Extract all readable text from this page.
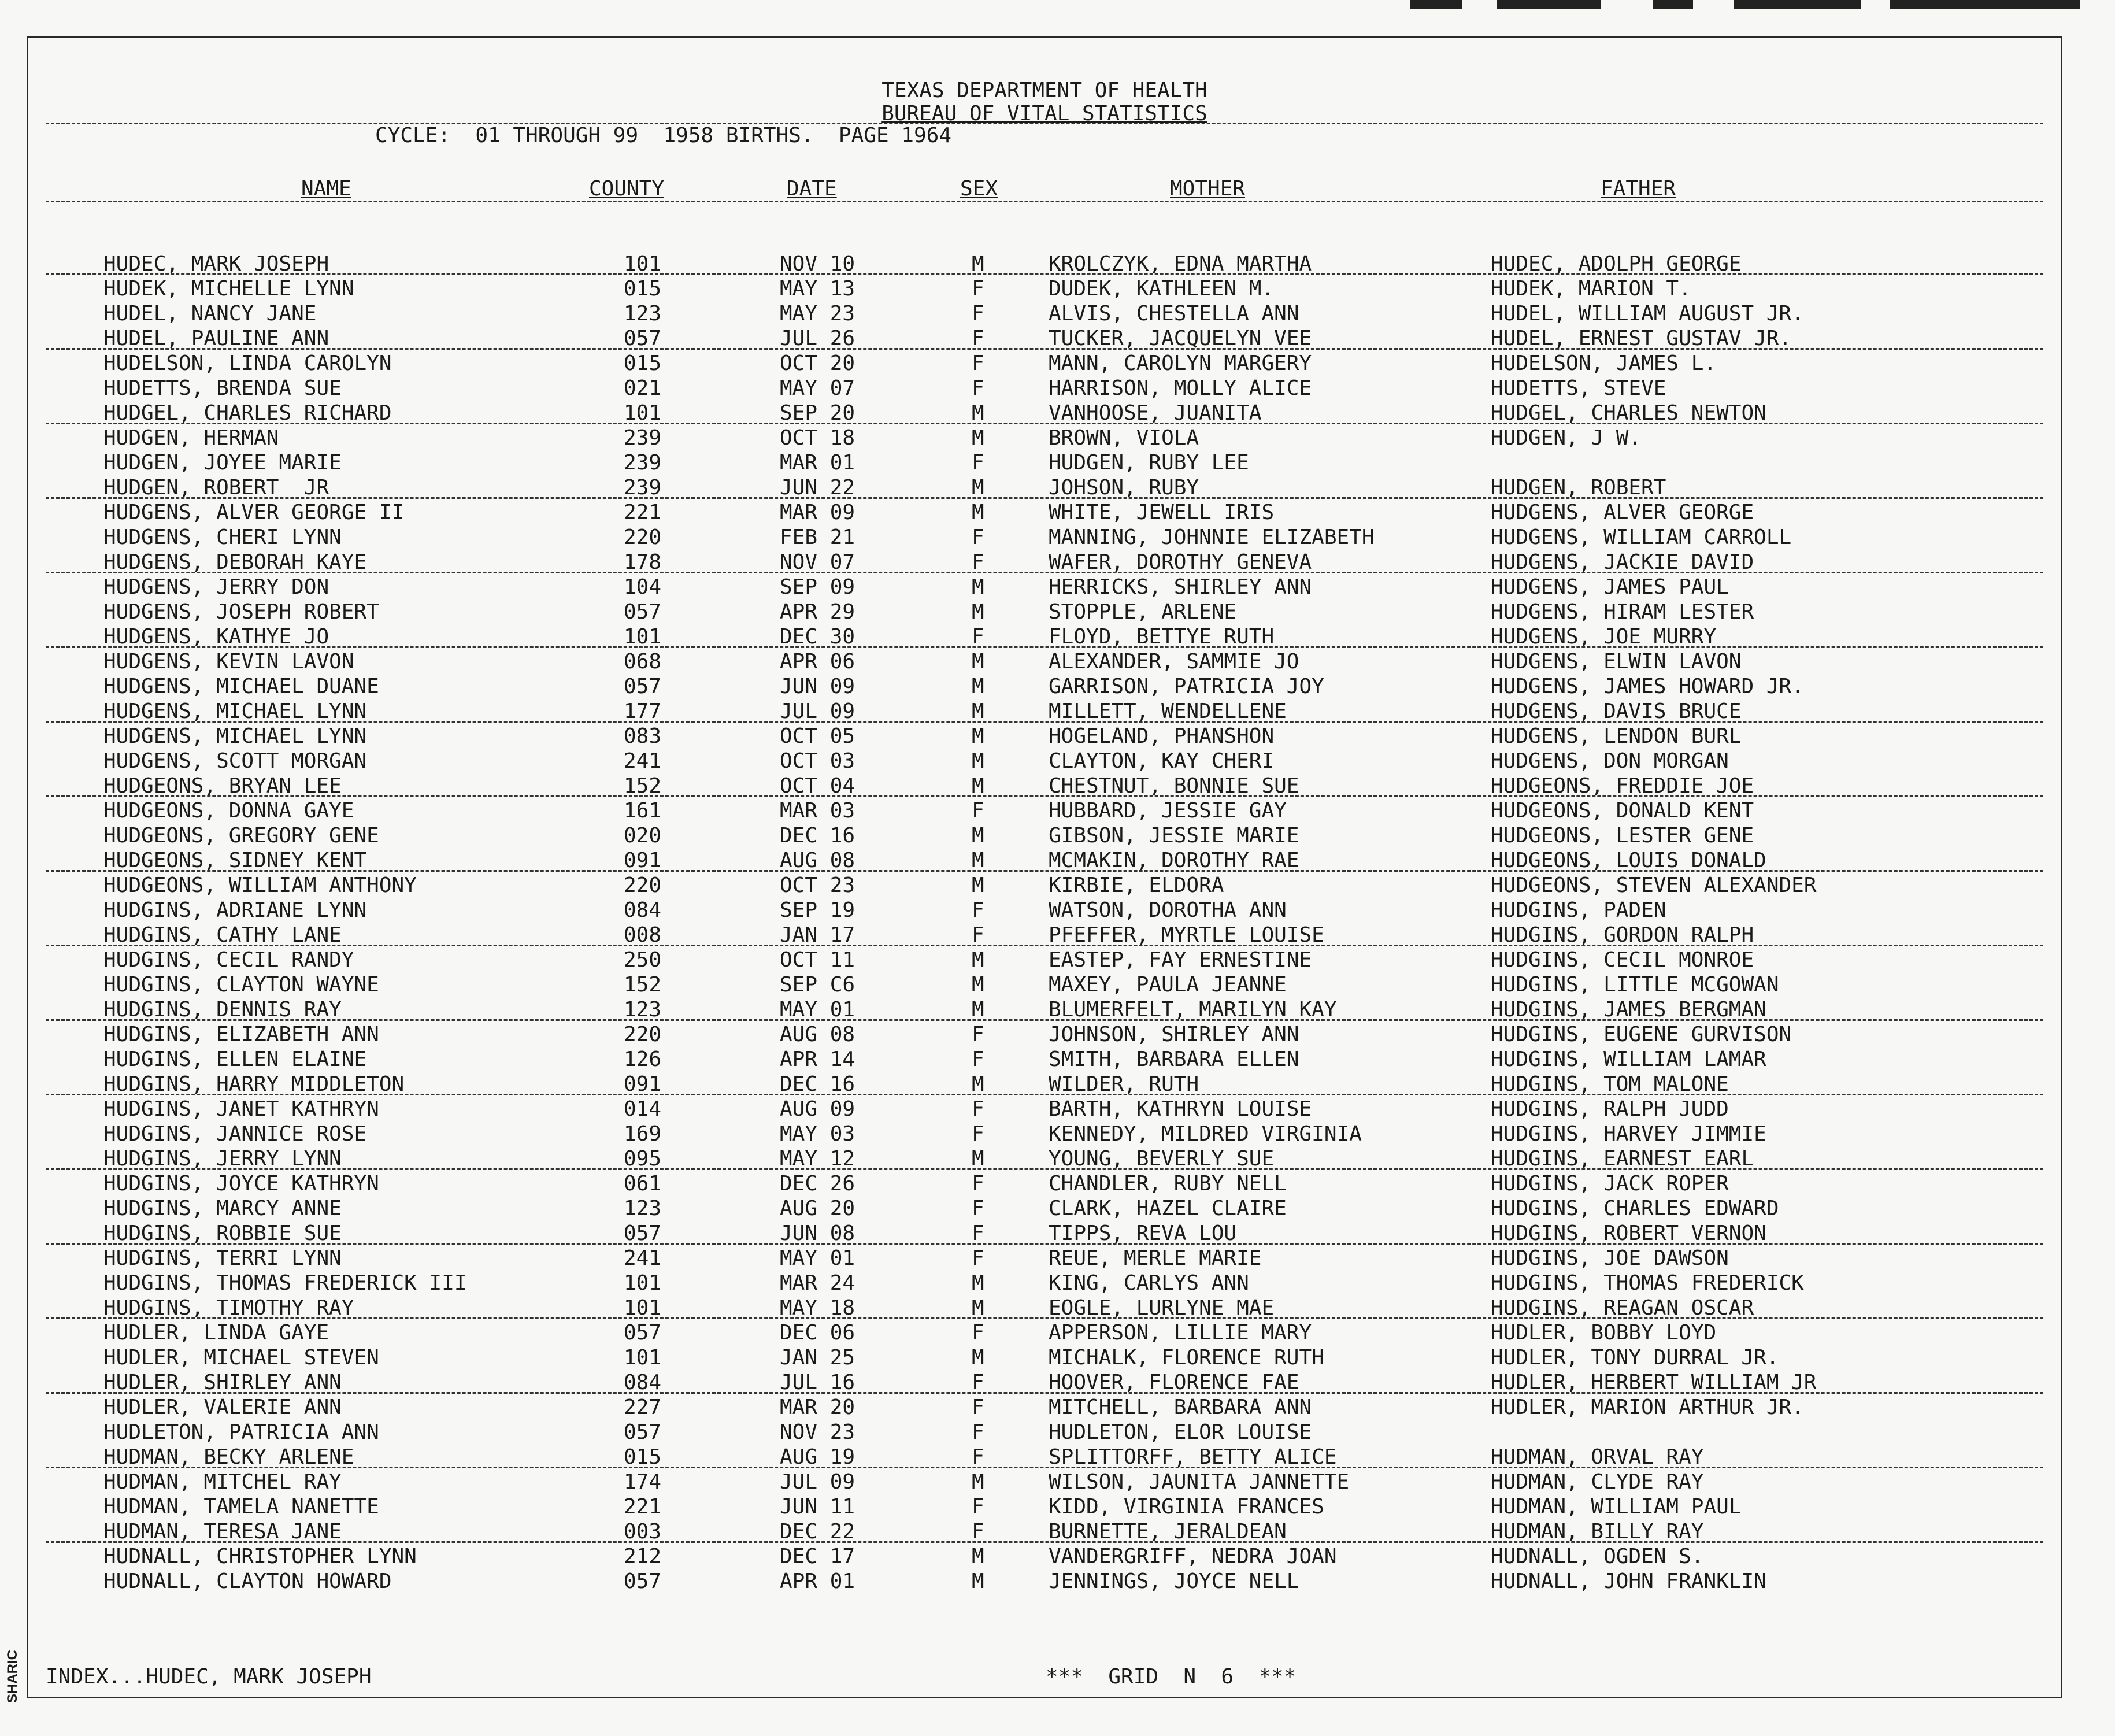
SHARIC
TEXAS DEPARTMENT OF HEALTH
BUREAU OF VITAL STATISTICS
CYCLE:  01 THROUGH 99  1958 BIRTHS.  PAGE 1964
NAME	COUNTY	DATE	SEX	MOTHER	FATHER
HUDEC, MARK JOSEPH	101	NOV 10	M	KROLCZYK, EDNA MARTHA	HUDEC, ADOLPH GEORGE
HUDEK, MICHELLE LYNN	015	MAY 13	F	DUDEK, KATHLEEN M.	HUDEK, MARION T.
HUDEL, NANCY JANE	123	MAY 23	F	ALVIS, CHESTELLA ANN	HUDEL, WILLIAM AUGUST JR.
HUDEL, PAULINE ANN	057	JUL 26	F	TUCKER, JACQUELYN VEE	HUDEL, ERNEST GUSTAV JR.
HUDELSON, LINDA CAROLYN	015	OCT 20	F	MANN, CAROLYN MARGERY	HUDELSON, JAMES L.
HUDETTS, BRENDA SUE	021	MAY 07	F	HARRISON, MOLLY ALICE	HUDETTS, STEVE
HUDGEL, CHARLES RICHARD	101	SEP 20	M	VANHOOSE, JUANITA	HUDGEL, CHARLES NEWTON
HUDGEN, HERMAN	239	OCT 18	M	BROWN, VIOLA	HUDGEN, J W.
HUDGEN, JOYEE MARIE	239	MAR 01	F	HUDGEN, RUBY LEE
HUDGEN, ROBERT  JR	239	JUN 22	M	JOHSON, RUBY	HUDGEN, ROBERT
HUDGENS, ALVER GEORGE II	221	MAR 09	M	WHITE, JEWELL IRIS	HUDGENS, ALVER GEORGE
HUDGENS, CHERI LYNN	220	FEB 21	F	MANNING, JOHNNIE ELIZABETH	HUDGENS, WILLIAM CARROLL
HUDGENS, DEBORAH KAYE	178	NOV 07	F	WAFER, DOROTHY GENEVA	HUDGENS, JACKIE DAVID
HUDGENS, JERRY DON	104	SEP 09	M	HERRICKS, SHIRLEY ANN	HUDGENS, JAMES PAUL
HUDGENS, JOSEPH ROBERT	057	APR 29	M	STOPPLE, ARLENE	HUDGENS, HIRAM LESTER
HUDGENS, KATHYE JO	101	DEC 30	F	FLOYD, BETTYE RUTH	HUDGENS, JOE MURRY
HUDGENS, KEVIN LAVON	068	APR 06	M	ALEXANDER, SAMMIE JO	HUDGENS, ELWIN LAVON
HUDGENS, MICHAEL DUANE	057	JUN 09	M	GARRISON, PATRICIA JOY	HUDGENS, JAMES HOWARD JR.
HUDGENS, MICHAEL LYNN	177	JUL 09	M	MILLETT, WENDELLENE	HUDGENS, DAVIS BRUCE
HUDGENS, MICHAEL LYNN	083	OCT 05	M	HOGELAND, PHANSHON	HUDGENS, LENDON BURL
HUDGENS, SCOTT MORGAN	241	OCT 03	M	CLAYTON, KAY CHERI	HUDGENS, DON MORGAN
HUDGEONS, BRYAN LEE	152	OCT 04	M	CHESTNUT, BONNIE SUE	HUDGEONS, FREDDIE JOE
HUDGEONS, DONNA GAYE	161	MAR 03	F	HUBBARD, JESSIE GAY	HUDGEONS, DONALD KENT
HUDGEONS, GREGORY GENE	020	DEC 16	M	GIBSON, JESSIE MARIE	HUDGEONS, LESTER GENE
HUDGEONS, SIDNEY KENT	091	AUG 08	M	MCMAKIN, DOROTHY RAE	HUDGEONS, LOUIS DONALD
HUDGEONS, WILLIAM ANTHONY	220	OCT 23	M	KIRBIE, ELDORA	HUDGEONS, STEVEN ALEXANDER
HUDGINS, ADRIANE LYNN	084	SEP 19	F	WATSON, DOROTHA ANN	HUDGINS, PADEN
HUDGINS, CATHY LANE	008	JAN 17	F	PFEFFER, MYRTLE LOUISE	HUDGINS, GORDON RALPH
HUDGINS, CECIL RANDY	250	OCT 11	M	EASTEP, FAY ERNESTINE	HUDGINS, CECIL MONROE
HUDGINS, CLAYTON WAYNE	152	SEP C6	M	MAXEY, PAULA JEANNE	HUDGINS, LITTLE MCGOWAN
HUDGINS, DENNIS RAY	123	MAY 01	M	BLUMERFELT, MARILYN KAY	HUDGINS, JAMES BERGMAN
HUDGINS, ELIZABETH ANN	220	AUG 08	F	JOHNSON, SHIRLEY ANN	HUDGINS, EUGENE GURVISON
HUDGINS, ELLEN ELAINE	126	APR 14	F	SMITH, BARBARA ELLEN	HUDGINS, WILLIAM LAMAR
HUDGINS, HARRY MIDDLETON	091	DEC 16	M	WILDER, RUTH	HUDGINS, TOM MALONE
HUDGINS, JANET KATHRYN	014	AUG 09	F	BARTH, KATHRYN LOUISE	HUDGINS, RALPH JUDD
HUDGINS, JANNICE ROSE	169	MAY 03	F	KENNEDY, MILDRED VIRGINIA	HUDGINS, HARVEY JIMMIE
HUDGINS, JERRY LYNN	095	MAY 12	M	YOUNG, BEVERLY SUE	HUDGINS, EARNEST EARL
HUDGINS, JOYCE KATHRYN	061	DEC 26	F	CHANDLER, RUBY NELL	HUDGINS, JACK ROPER
HUDGINS, MARCY ANNE	123	AUG 20	F	CLARK, HAZEL CLAIRE	HUDGINS, CHARLES EDWARD
HUDGINS, ROBBIE SUE	057	JUN 08	F	TIPPS, REVA LOU	HUDGINS, ROBERT VERNON
HUDGINS, TERRI LYNN	241	MAY 01	F	REUE, MERLE MARIE	HUDGINS, JOE DAWSON
HUDGINS, THOMAS FREDERICK III	101	MAR 24	M	KING, CARLYS ANN	HUDGINS, THOMAS FREDERICK
HUDGINS, TIMOTHY RAY	101	MAY 18	M	EOGLE, LURLYNE MAE	HUDGINS, REAGAN OSCAR
HUDLER, LINDA GAYE	057	DEC 06	F	APPERSON, LILLIE MARY	HUDLER, BOBBY LOYD
HUDLER, MICHAEL STEVEN	101	JAN 25	M	MICHALK, FLORENCE RUTH	HUDLER, TONY DURRAL JR.
HUDLER, SHIRLEY ANN	084	JUL 16	F	HOOVER, FLORENCE FAE	HUDLER, HERBERT WILLIAM JR
HUDLER, VALERIE ANN	227	MAR 20	F	MITCHELL, BARBARA ANN	HUDLER, MARION ARTHUR JR.
HUDLETON, PATRICIA ANN	057	NOV 23	F	HUDLETON, ELOR LOUISE
HUDMAN, BECKY ARLENE	015	AUG 19	F	SPLITTORFF, BETTY ALICE	HUDMAN, ORVAL RAY
HUDMAN, MITCHEL RAY	174	JUL 09	M	WILSON, JAUNITA JANNETTE	HUDMAN, CLYDE RAY
HUDMAN, TAMELA NANETTE	221	JUN 11	F	KIDD, VIRGINIA FRANCES	HUDMAN, WILLIAM PAUL
HUDMAN, TERESA JANE	003	DEC 22	F	BURNETTE, JERALDEAN	HUDMAN, BILLY RAY
HUDNALL, CHRISTOPHER LYNN	212	DEC 17	M	VANDERGRIFF, NEDRA JOAN	HUDNALL, OGDEN S.
HUDNALL, CLAYTON HOWARD	057	APR 01	M	JENNINGS, JOYCE NELL	HUDNALL, JOHN FRANKLIN
INDEX...HUDEC, MARK JOSEPH	***  GRID  N  6  ***
